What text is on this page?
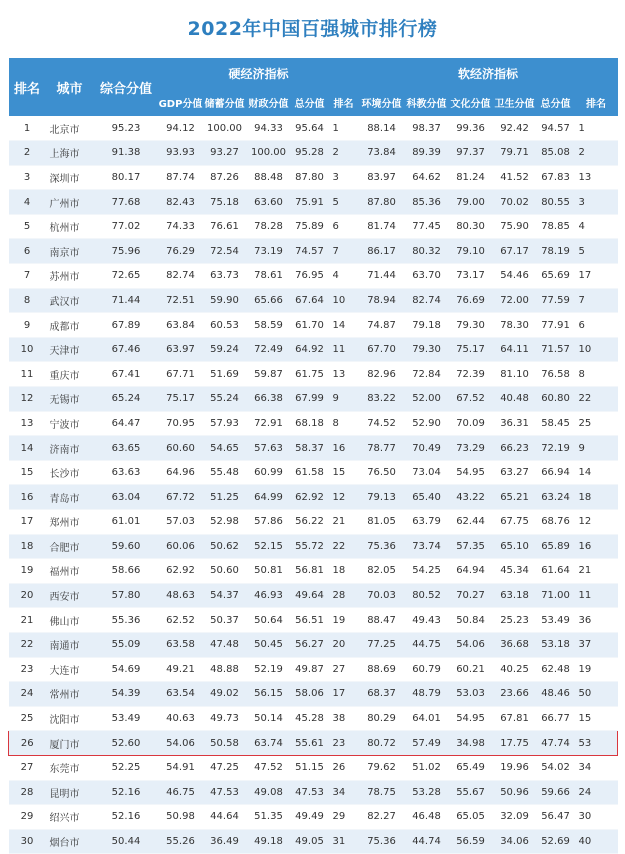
2022年中国百强城市排行榜
排名	城市	综合分值	硬经济指标					软经济指标					
			GDP分值	储蓄分值	财政分值	总分值	排名	环境分值	科教分值	文化分值	卫生分值	总分值	排名
1	北京市	95.23	94.12	100.00	94.33	95.64	1	88.14	98.37	99.36	92.42	94.57	1
2	上海市	91.38	93.93	93.27	100.00	95.28	2	73.84	89.39	97.37	79.71	85.08	2
3	深圳市	80.17	87.74	87.26	88.48	87.80	3	83.97	64.62	81.24	41.52	67.83	13
4	广州市	77.68	82.43	75.18	63.60	75.91	5	87.80	85.36	79.00	70.02	80.55	3
5	杭州市	77.02	74.33	76.61	78.28	75.89	6	81.74	77.45	80.30	75.90	78.85	4
6	南京市	75.96	76.29	72.54	73.19	74.57	7	86.17	80.32	79.10	67.17	78.19	5
7	苏州市	72.65	82.74	63.73	78.61	76.95	4	71.44	63.70	73.17	54.46	65.69	17
8	武汉市	71.44	72.51	59.90	65.66	67.64	10	78.94	82.74	76.69	72.00	77.59	7
9	成都市	67.89	63.84	60.53	58.59	61.70	14	74.87	79.18	79.30	78.30	77.91	6
10	天津市	67.46	63.97	59.24	72.49	64.92	11	67.70	79.30	75.17	64.11	71.57	10
11	重庆市	67.41	67.71	51.69	59.87	61.75	13	82.96	72.84	72.39	81.10	76.58	8
12	无锡市	65.24	75.17	55.24	66.38	67.99	9	83.22	52.00	67.52	40.48	60.80	22
13	宁波市	64.47	70.95	57.93	72.91	68.18	8	74.52	52.90	70.09	36.31	58.45	25
14	济南市	63.65	60.60	54.65	57.63	58.37	16	78.77	70.49	73.29	66.23	72.19	9
15	长沙市	63.63	64.96	55.48	60.99	61.58	15	76.50	73.04	54.95	63.27	66.94	14
16	青岛市	63.04	67.72	51.25	64.99	62.92	12	79.13	65.40	43.22	65.21	63.24	18
17	郑州市	61.01	57.03	52.98	57.86	56.22	21	81.05	63.79	62.44	67.75	68.76	12
18	合肥市	59.60	60.06	50.62	52.15	55.72	22	75.36	73.74	57.35	65.10	65.89	16
19	福州市	58.66	62.92	50.60	50.81	56.81	18	82.05	54.25	64.94	45.34	61.64	21
20	西安市	57.80	48.63	54.37	46.93	49.64	28	70.03	80.52	70.27	63.18	71.00	11
21	佛山市	55.36	62.52	50.37	50.64	56.51	19	88.47	49.43	50.84	25.23	53.49	36
22	南通市	55.09	63.58	47.48	50.45	56.27	20	77.25	44.75	54.06	36.68	53.18	37
23	大连市	54.69	49.21	48.88	52.19	49.87	27	88.69	60.79	60.21	40.25	62.48	19
24	常州市	54.39	63.54	49.02	56.15	58.06	17	68.37	48.79	53.03	23.66	48.46	50
25	沈阳市	53.49	40.63	49.73	50.14	45.28	38	80.29	64.01	54.95	67.81	66.77	15
26	厦门市	52.60	54.06	50.58	63.74	55.61	23	80.72	57.49	34.98	17.75	47.74	53
27	东莞市	52.25	54.91	47.25	47.52	51.15	26	79.62	51.02	65.49	19.96	54.02	34
28	昆明市	52.16	46.75	47.53	49.08	47.53	34	78.75	53.28	55.67	50.96	59.66	24
29	绍兴市	52.16	50.98	44.64	51.35	49.49	29	82.27	46.48	65.05	32.09	56.47	30
30	烟台市	50.44	55.26	36.49	49.18	49.05	31	75.36	44.74	56.59	34.06	52.69	40
